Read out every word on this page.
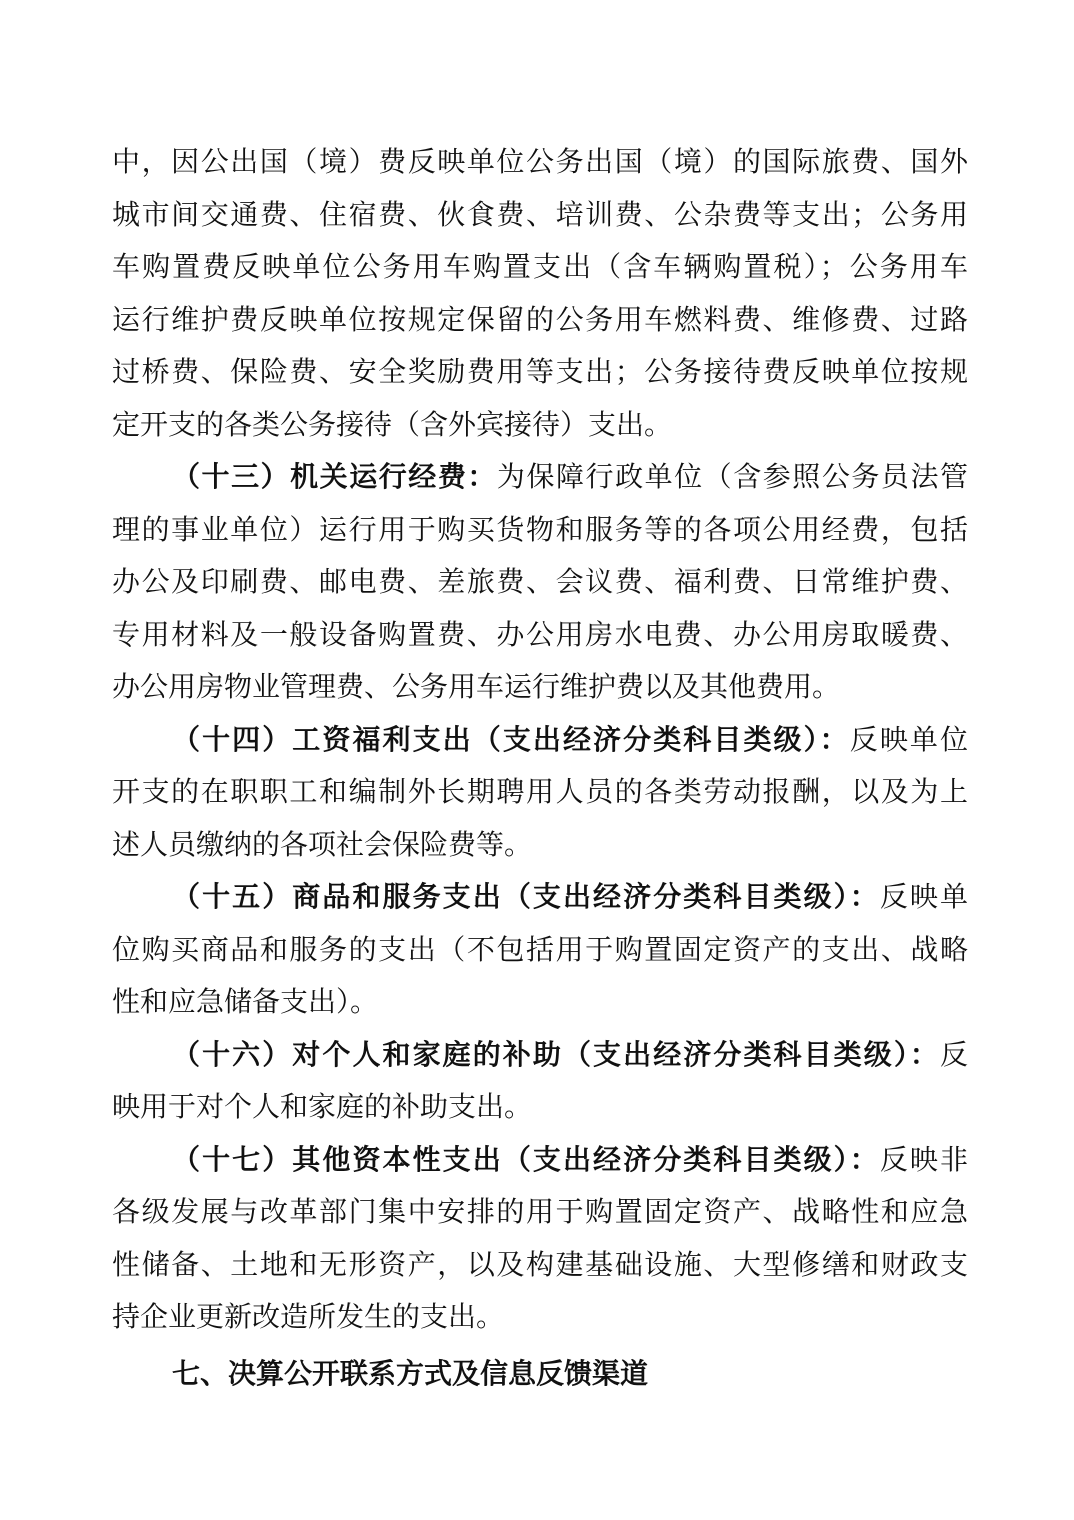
中，因公出国（境）费反映单位公务出国（境）的国际旅费、国外
城市间交通费、住宿费、伙食费、培训费、公杂费等支出；公务用
车购置费反映单位公务用车购置支出（含车辆购置税）；公务用车
运行维护费反映单位按规定保留的公务用车燃料费、维修费、过路
过桥费、保险费、安全奖励费用等支出；公务接待费反映单位按规
定开支的各类公务接待（含外宾接待）支出。
（十三）机关运行经费：为保障行政单位（含参照公务员法管
理的事业单位）运行用于购买货物和服务等的各项公用经费，包括
办公及印刷费、邮电费、差旅费、会议费、福利费、日常维护费、
专用材料及一般设备购置费、办公用房水电费、办公用房取暖费、
办公用房物业管理费、公务用车运行维护费以及其他费用。
（十四）工资福利支出（支出经济分类科目类级）：反映单位
开支的在职职工和编制外长期聘用人员的各类劳动报酬，以及为上
述人员缴纳的各项社会保险费等。
（十五）商品和服务支出（支出经济分类科目类级）：反映单
位购买商品和服务的支出（不包括用于购置固定资产的支出、战略
性和应急储备支出）。
（十六）对个人和家庭的补助（支出经济分类科目类级）：反
映用于对个人和家庭的补助支出。
（十七）其他资本性支出（支出经济分类科目类级）：反映非
各级发展与改革部门集中安排的用于购置固定资产、战略性和应急
性储备、土地和无形资产，以及构建基础设施、大型修缮和财政支
持企业更新改造所发生的支出。
七、决算公开联系方式及信息反馈渠道
